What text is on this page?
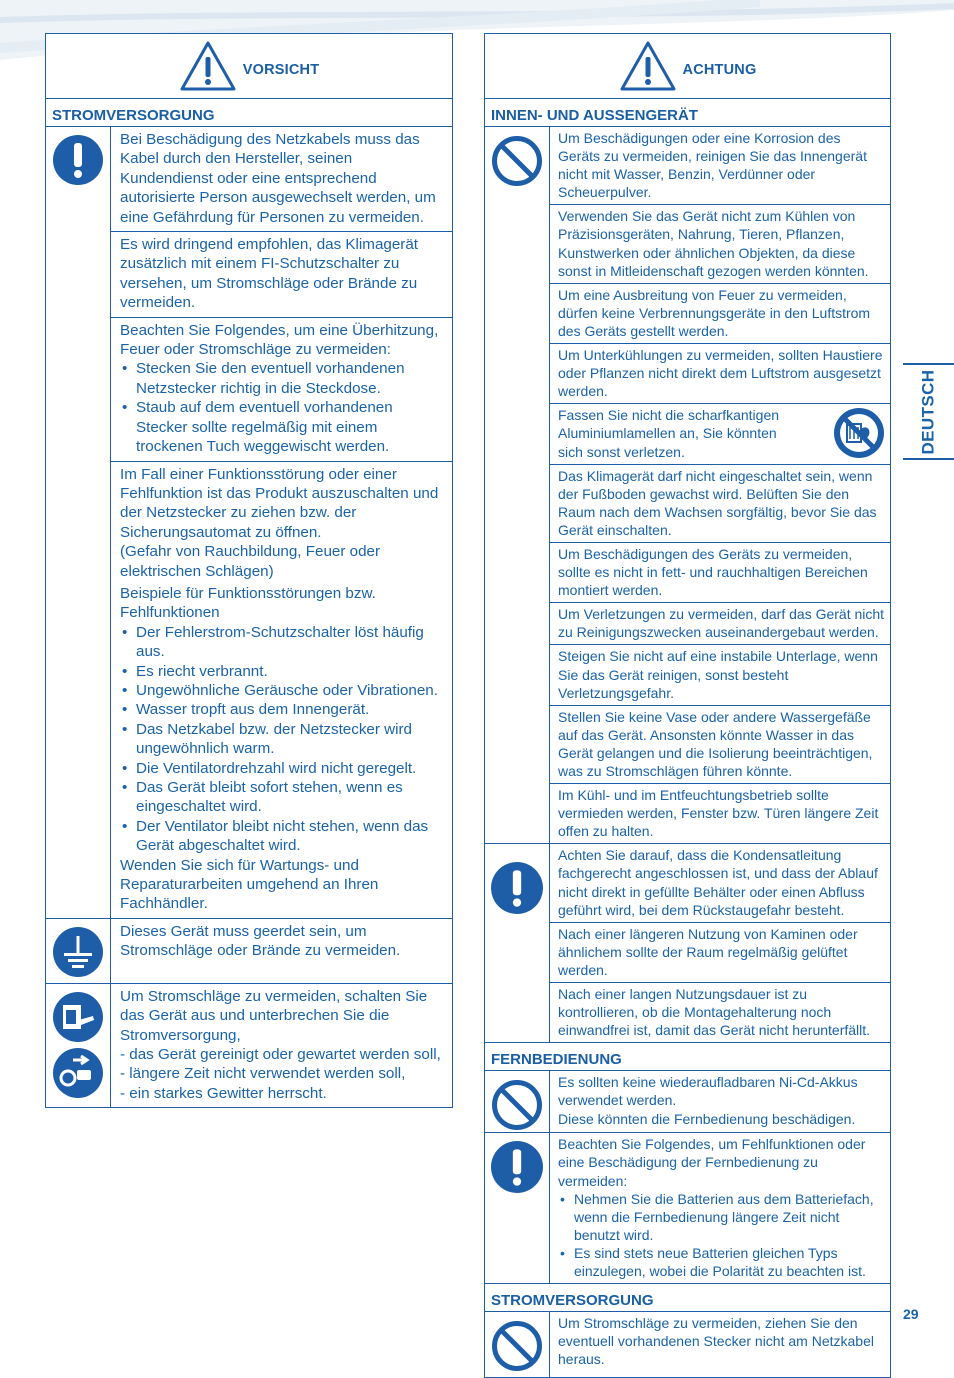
VORSICHT
STROMVERSORGUNG

Bei Beschädigung des Netzkabels muss das Kabel durch den Hersteller, seinen Kundendienst oder eine entsprechend autorisierte Person ausgewechselt werden, um eine Gefährdung für Personen zu vermeiden.

Es wird dringend empfohlen, das Klimagerät zusätzlich mit einem FI-Schutzschalter zu versehen, um Stromschläge oder Brände zu vermeiden.

Beachten Sie Folgendes, um eine Überhitzung, Feuer oder Stromschläge zu vermeiden:

• Stecken Sie den eventuell vorhandenen Netzstecker richtig in die Steckdose.
• Staub auf dem eventuell vorhandenen Stecker sollte regelmäßig mit einem trockenen Tuch weggewischt werden.

Im Fall einer Funktionsstörung oder einer Fehlfunktion ist das Produkt auszuschalten und der Netzstecker zu ziehen bzw. der Sicherungsautomat zu öffnen.

(Gefahr von Rauchbildung, Feuer oder elektrischen Schlägen)

Beispiele für Funktionsstörungen bzw. Fehlfunktionen

• Der Fehlerstrom-Schutzschalter löst häufig aus.
• Es riecht verbrannt.
• Ungewöhnliche Geräusche oder Vibrationen.
• Wasser tropft aus dem Innengerät.
• Das Netzkabel bzw. der Netzstecker wird ungewöhnlich warm.
• Die Ventilatordrehzahl wird nicht geregelt.
• Das Gerät bleibt sofort stehen, wenn es eingeschaltet wird.
• Der Ventilator bleibt nicht stehen, wenn das Gerät abgeschaltet wird.

Wenden Sie sich für Wartungs- und Reparaturarbeiten umgehend an Ihren Fachhändler.

Dieses Gerät muss geerdet sein, um Stromschläge oder Brände zu vermeiden.

Um Stromschläge zu vermeiden, schalten Sie das Gerät aus und unterbrechen Sie die Stromversorgung,

- das Gerät gereinigt oder gewartet werden soll,

- längere Zeit nicht verwendet werden soll,

- ein starkes Gewitter herrscht.

ACHTUNG
INNEN- UND AUSSENGERÄT

Um Beschädigungen oder eine Korrosion des Geräts zu vermeiden, reinigen Sie das Innengerät nicht mit Wasser, Benzin, Verdünner oder Scheuerpulver.

Verwenden Sie das Gerät nicht zum Kühlen von Präzisionsgeräten, Nahrung, Tieren, Pflanzen, Kunstwerken oder ähnlichen Objekten, da diese sonst in Mitleidenschaft gezogen werden könnten.

Um eine Ausbreitung von Feuer zu vermeiden, dürfen keine Verbrennungsgeräte in den Luftstrom des Geräts gestellt werden.

Um Unterkühlungen zu vermeiden, sollten Haustiere oder Pflanzen nicht direkt dem Luftstrom ausgesetzt werden.

Fassen Sie nicht die scharfkantigen Aluminiumlamellen an, Sie könnten sich sonst verletzen.

Das Klimagerät darf nicht eingeschaltet sein, wenn der Fußboden gewachst wird. Belüften Sie den Raum nach dem Wachsen sorgfältig, bevor Sie das Gerät einschalten.

Um Beschädigungen des Geräts zu vermeiden, sollte es nicht in fett- und rauchhaltigen Bereichen montiert werden.

Um Verletzungen zu vermeiden, darf das Gerät nicht zu Reinigungszwecken auseinandergebaut werden.

Steigen Sie nicht auf eine instabile Unterlage, wenn Sie das Gerät reinigen, sonst besteht Verletzungsgefahr.

Stellen Sie keine Vase oder andere Wassergefäße auf das Gerät. Ansonsten könnte Wasser in das Gerät gelangen und die Isolierung beeinträchtigen, was zu Stromschlägen führen könnte.

Im Kühl- und im Entfeuchtungsbetrieb sollte vermieden werden, Fenster bzw. Türen längere Zeit offen zu halten.

Achten Sie darauf, dass die Kondensatleitung fachgerecht angeschlossen ist, und dass der Ablauf nicht direkt in gefüllte Behälter oder einen Abfluss geführt wird, bei dem Rückstaugefahr besteht.

Nach einer längeren Nutzung von Kaminen oder ähnlichem sollte der Raum regelmäßig gelüftet werden.

Nach einer langen Nutzungsdauer ist zu kontrollieren, ob die Montagehalterung noch einwandfrei ist, damit das Gerät nicht herunterfällt.

FERNBEDIENUNG

Es sollten keine wiederaufladbaren Ni-Cd-Akkus verwendet werden.

Diese könnten die Fernbedienung beschädigen.

Beachten Sie Folgendes, um Fehlfunktionen oder eine Beschädigung der Fernbedienung zu vermeiden:

• Nehmen Sie die Batterien aus dem Batteriefach, wenn die Fernbedienung längere Zeit nicht benutzt wird.
• Es sind stets neue Batterien gleichen Typs einzulegen, wobei die Polarität zu beachten ist.
STROMVERSORGUNG

Um Stromschläge zu vermeiden, ziehen Sie den eventuell vorhandenen Stecker nicht am Netzkabel heraus.

DEUTSCH
29
